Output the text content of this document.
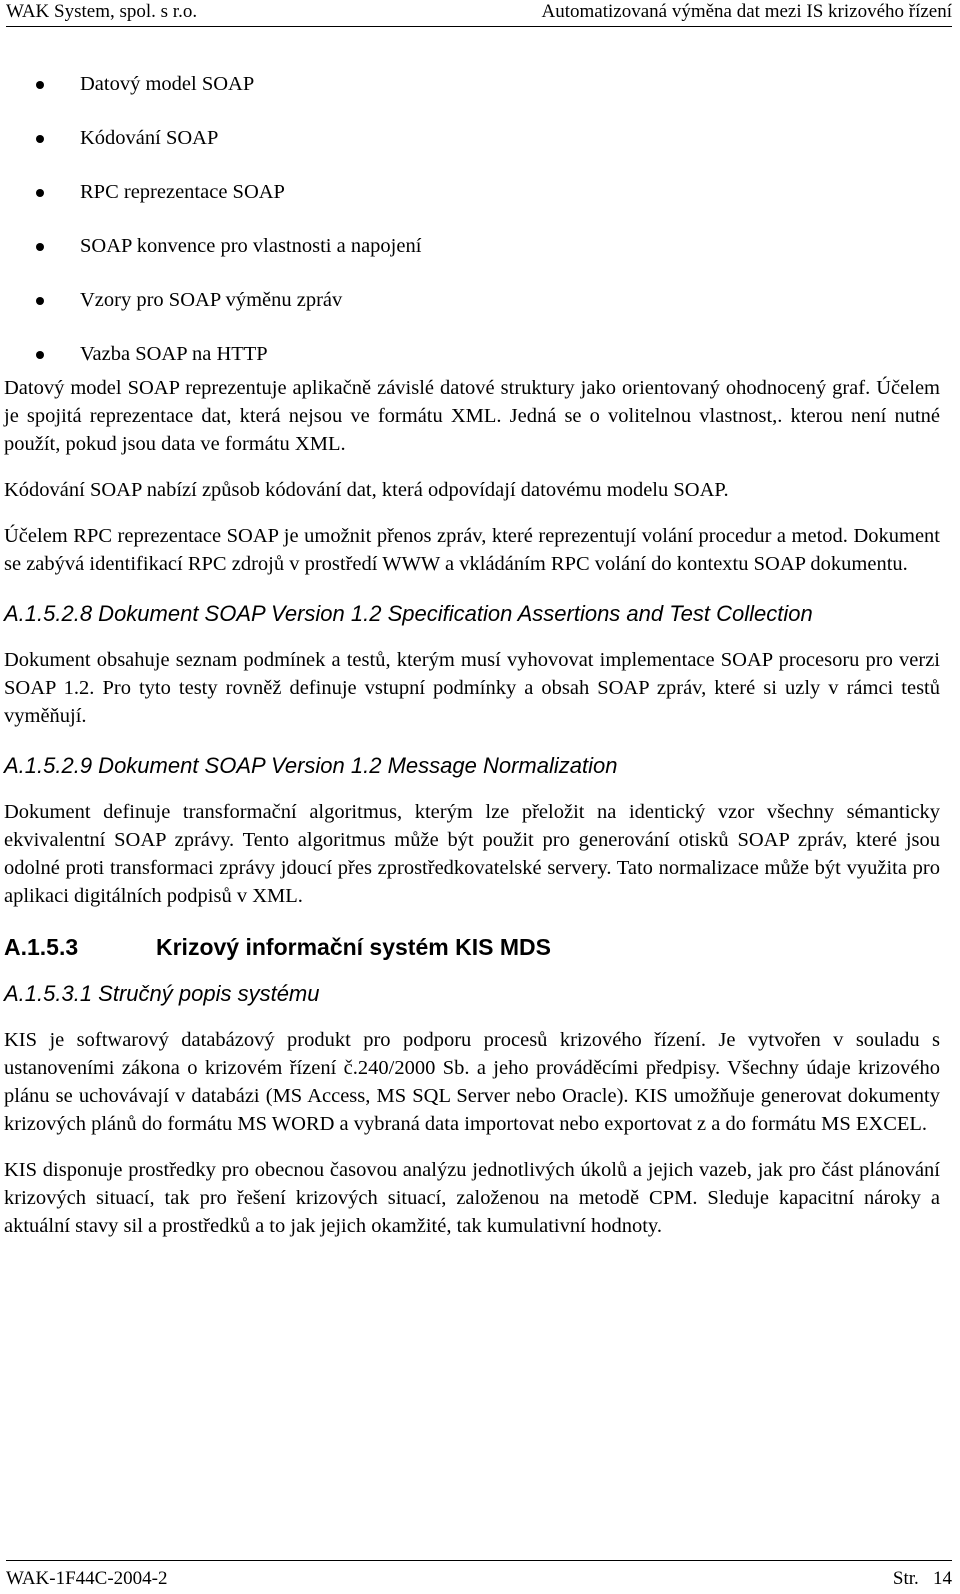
WAK System, spol. s r.o.	Automatizovaná výměna dat mezi IS krizového řízení
Datový model SOAP
Kódování SOAP
RPC reprezentace SOAP
SOAP konvence pro vlastnosti a napojení
Vzory pro SOAP výměnu zpráv
Vazba SOAP na HTTP

Datový model SOAP reprezentuje aplikačně závislé datové struktury jako orientovaný ohodnocený graf. Účelem je spojitá reprezentace dat, která nejsou ve formátu XML. Jedná se o volitelnou vlastnost,. kterou není nutné použít, pokud jsou data ve formátu XML.

Kódování SOAP nabízí způsob kódování dat, která odpovídají datovému modelu SOAP.

Účelem RPC reprezentace SOAP je umožnit přenos zpráv, které reprezentují volání procedur a metod. Dokument se zabývá identifikací RPC zdrojů v prostředí WWW a vkládáním RPC volání do kontextu SOAP dokumentu.

A.1.5.2.8 Dokument SOAP Version 1.2 Specification Assertions and Test Collection

Dokument obsahuje seznam podmínek a testů, kterým musí vyhovovat implementace SOAP procesoru pro verzi SOAP 1.2. Pro tyto testy rovněž definuje vstupní podmínky a obsah SOAP zpráv, které si uzly v rámci testů vyměňují.

A.1.5.2.9 Dokument SOAP Version 1.2 Message Normalization

Dokument definuje transformační algoritmus, kterým lze přeložit na identický vzor všechny sémanticky ekvivalentní SOAP zprávy. Tento algoritmus může být použit pro generování otisků SOAP zpráv, které jsou odolné proti transformaci zprávy jdoucí přes zprostředkovatelské servery. Tato normalizace může být využita pro aplikaci digitálních podpisů v XML.

A.1.5.3	Krizový informační systém KIS MDS

A.1.5.3.1 Stručný popis systému

KIS je softwarový databázový produkt pro podporu procesů krizového řízení. Je vytvořen v souladu s ustanoveními zákona o krizovém řízení č.240/2000 Sb. a jeho prováděcími předpisy. Všechny údaje krizového plánu se uchovávají v databázi (MS Access, MS SQL Server nebo Oracle). KIS umožňuje generovat dokumenty krizových plánů do formátu MS WORD a vybraná data importovat nebo exportovat z a do formátu MS EXCEL.

KIS disponuje prostředky pro obecnou časovou analýzu jednotlivých úkolů a jejich vazeb, jak pro část plánování krizových situací, tak pro řešení krizových situací, založenou na metodě CPM. Sleduje kapacitní nároky a aktuální stavy sil a prostředků a to jak jejich okamžité, tak kumulativní hodnoty.

WAK-1F44C-2004-2	Str.   14
